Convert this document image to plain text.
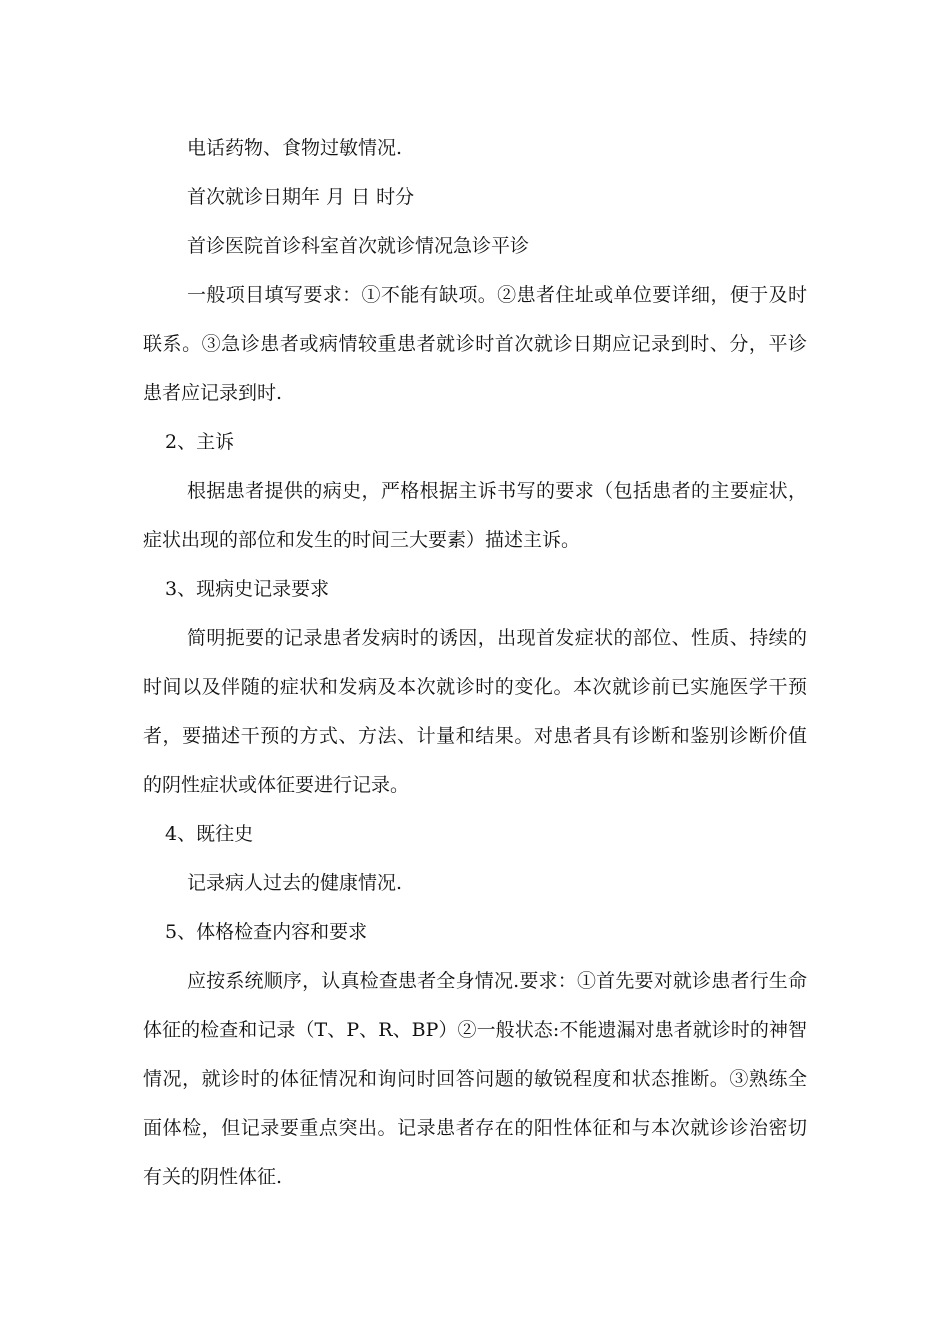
电话药物、食物过敏情况.

首次就诊日期年 月 日 时分

首诊医院首诊科室首次就诊情况急诊平诊

一般项目填写要求：①不能有缺项。②患者住址或单位要详细，便于及时联系。③急诊患者或病情较重患者就诊时首次就诊日期应记录到时、分，平诊患者应记录到时.

2、主诉

根据患者提供的病史，严格根据主诉书写的要求（包括患者的主要症状，症状出现的部位和发生的时间三大要素）描述主诉。

3、现病史记录要求

简明扼要的记录患者发病时的诱因，出现首发症状的部位、性质、持续的时间以及伴随的症状和发病及本次就诊时的变化。本次就诊前已实施医学干预者，要描述干预的方式、方法、计量和结果。对患者具有诊断和鉴别诊断价值的阴性症状或体征要进行记录。

4、既往史

记录病人过去的健康情况.

5、体格检查内容和要求

应按系统顺序，认真检查患者全身情况.要求：①首先要对就诊患者行生命体征的检查和记录（T、P、R、BP）②一般状态:不能遗漏对患者就诊时的神智情况，就诊时的体征情况和询问时回答问题的敏锐程度和状态推断。③熟练全面体检，但记录要重点突出。记录患者存在的阳性体征和与本次就诊诊治密切有关的阴性体征.
